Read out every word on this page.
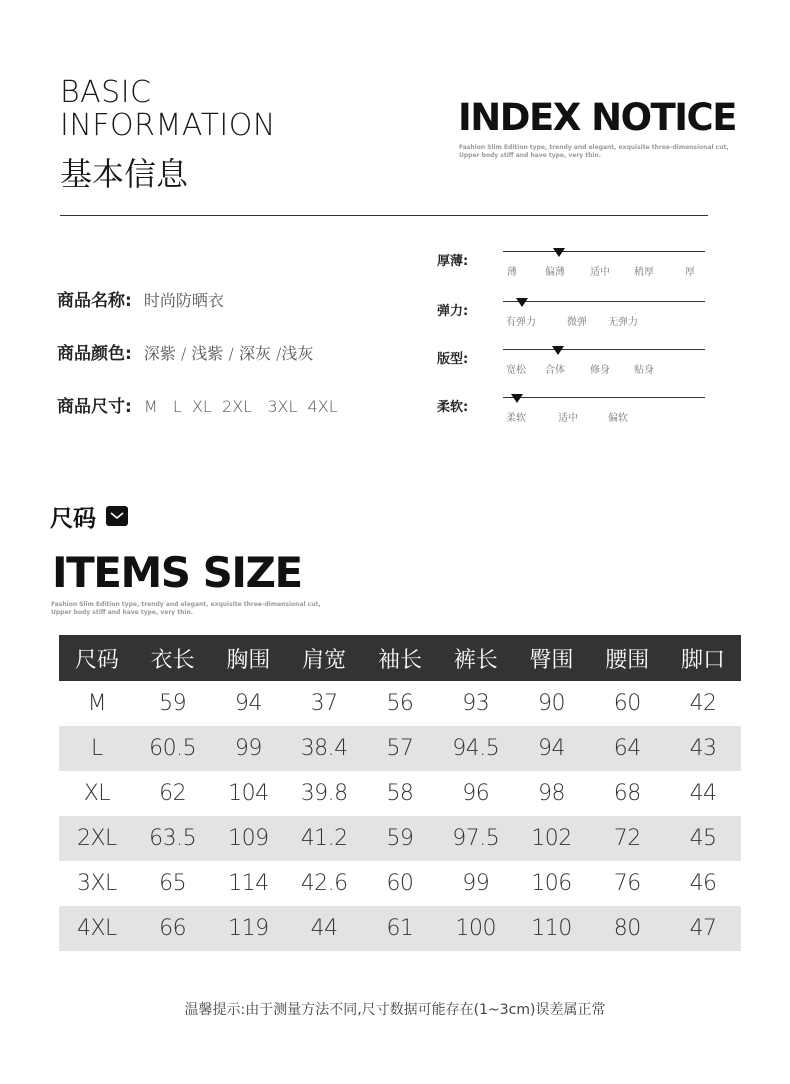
BASIC
INFORMATION
基本信息
INDEX NOTICE
Fashion Slim Edition type, trendy and elegant, exquisite three-dimensional cut,
Upper body stiff and have type, very thin.
商品名称: 时尚防晒衣
商品颜色: 深紫 / 浅紫 / 深灰 /浅灰
商品尺寸: M   L  XL  2XL   3XL  4XL
厚薄:
薄	偏薄	适中 稍厚	厚
弹力:
有弹力	微弹 无弹力
版型:
宽松 合体	修身 贴身
柔软:
柔软	适中	偏软
尺码
ITEMS SIZE
Fashion Slim Edition type, trendy and elegant, exquisite three-dimensional cut,
Upper body stiff and have type, very thin.
尺码	衣长	胸围	肩宽	袖长	裤长	臀围	腰围	脚口
M	59	94	37	56	93	90	60	42
L	60.5	99	38.4	57	94.5	94	64	43
XL	62	104	39.8	58	96	98	68	44
2XL	63.5	109	41.2	59	97.5	102	72	45
3XL	65	114	42.6	60	99	106	76	46
4XL	66	119	44	61	100	110	80	47
温馨提示:由于测量方法不同,尺寸数据可能存在(1~3cm)误差属正常
